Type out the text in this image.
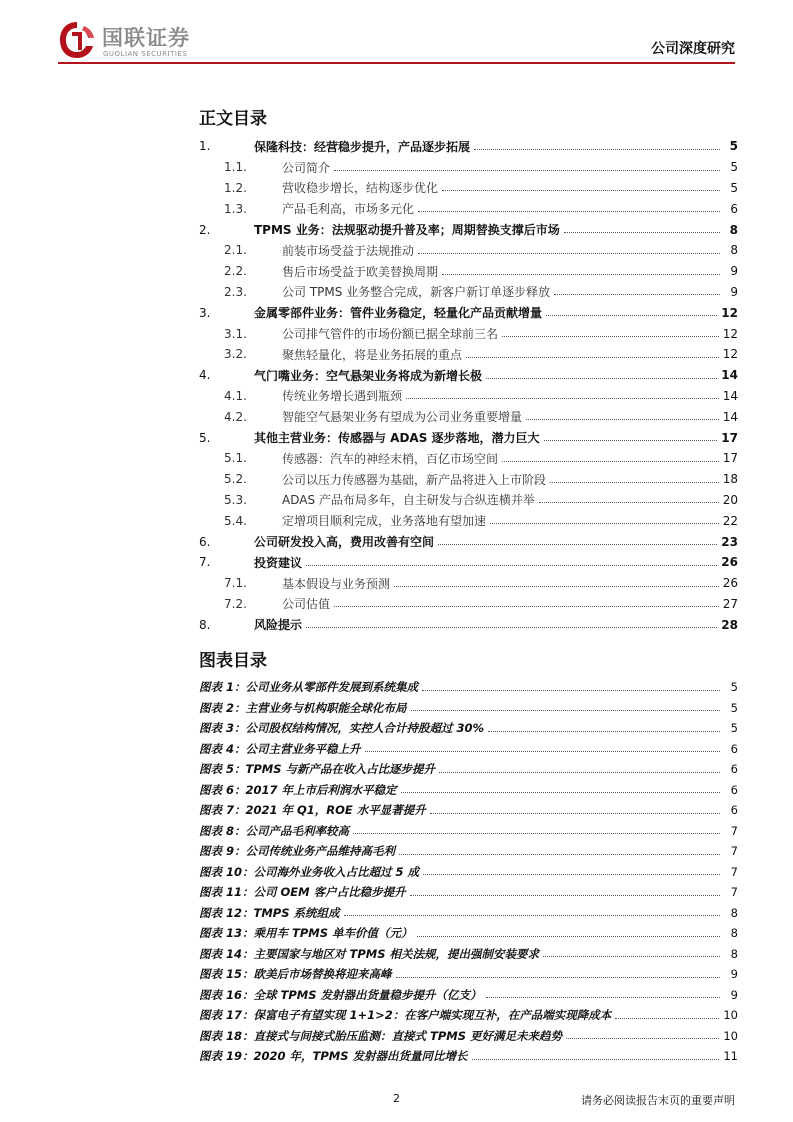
国联证券
GUOLIAN SECURITIES	公司深度研究
正文目录
1.	保隆科技：经营稳步提升，产品逐步拓展	5
1.1.	公司简介	5
1.2.	营收稳步增长，结构逐步优化	5
1.3.	产品毛利高，市场多元化	6
2.	TPMS 业务：法规驱动提升普及率；周期替换支撑后市场	8
2.1.	前装市场受益于法规推动	8
2.2.	售后市场受益于欧美替换周期	9
2.3.	公司 TPMS 业务整合完成，新客户新订单逐步释放	9
3.	金属零部件业务：管件业务稳定，轻量化产品贡献增量	12
3.1.	公司排气管件的市场份额已据全球前三名	12
3.2.	聚焦轻量化，将是业务拓展的重点	12
4.	气门嘴业务：空气悬架业务将成为新增长极	14
4.1.	传统业务增长遇到瓶颈	14
4.2.	智能空气悬架业务有望成为公司业务重要增量	14
5.	其他主营业务：传感器与 ADAS 逐步落地，潜力巨大	17
5.1.	传感器：汽车的神经末梢，百亿市场空间	17
5.2.	公司以压力传感器为基础，新产品将进入上市阶段	18
5.3.	ADAS 产品布局多年，自主研发与合纵连横并举	20
5.4.	定增项目顺利完成，业务落地有望加速	22
6.	公司研发投入高，费用改善有空间	23
7.	投资建议	26
7.1.	基本假设与业务预测	26
7.2.	公司估值	27
8.	风险提示	28
图表目录
图表 1：公司业务从零部件发展到系统集成	5
图表 2：主营业务与机构职能全球化布局	5
图表 3：公司股权结构情况，实控人合计持股超过 30%	5
图表 4：公司主营业务平稳上升	6
图表 5：TPMS 与新产品在收入占比逐步提升	6
图表 6：2017 年上市后利润水平稳定	6
图表 7：2021 年 Q1，ROE 水平显著提升	6
图表 8：公司产品毛利率较高	7
图表 9：公司传统业务产品维持高毛利	7
图表 10：公司海外业务收入占比超过 5 成	7
图表 11：公司 OEM 客户占比稳步提升	7
图表 12：TMPS 系统组成	8
图表 13：乘用车 TPMS 单车价值（元）	8
图表 14：主要国家与地区对 TPMS 相关法规，提出强制安装要求	8
图表 15：欧美后市场替换将迎来高峰	9
图表 16：全球 TPMS 发射器出货量稳步提升（亿支）	9
图表 17：保富电子有望实现 1+1>2：在客户端实现互补，在产品端实现降成本	10
图表 18：直接式与间接式胎压监测：直接式 TPMS 更好满足未来趋势	10
图表 19：2020 年，TPMS 发射器出货量同比增长	11
2	请务必阅读报告末页的重要声明
